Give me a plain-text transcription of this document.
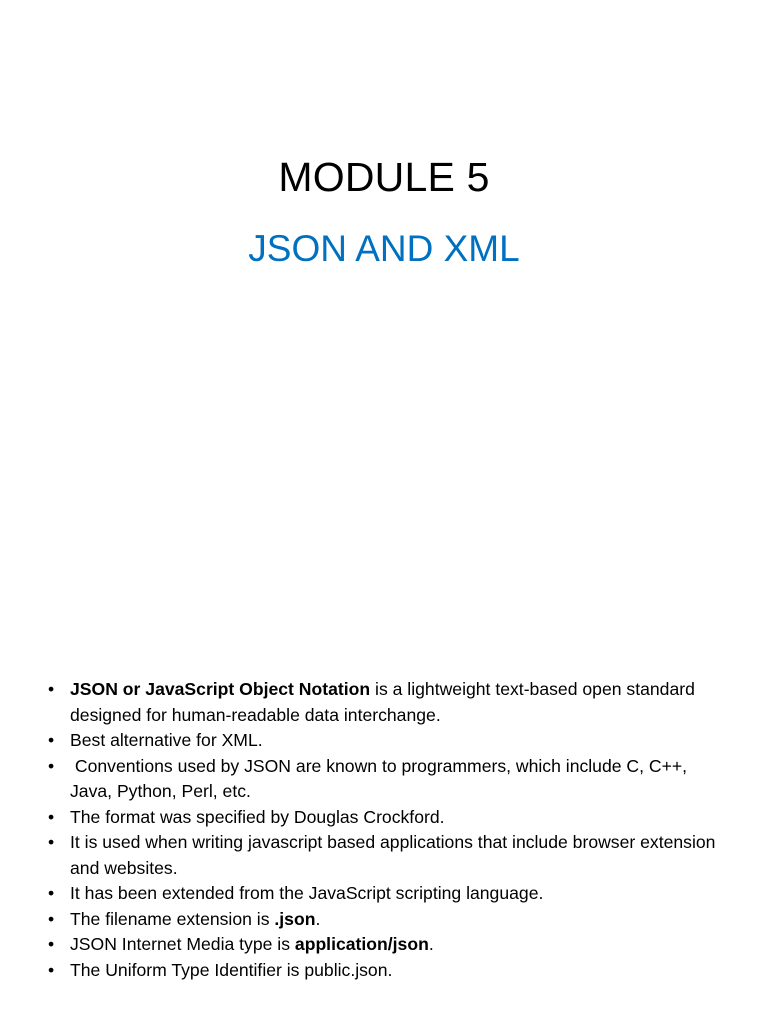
MODULE 5
JSON AND XML
• JSON or JavaScript Object Notation is a lightweight text-based open standard designed for human-readable data interchange.
• Best alternative for XML.
• Conventions used by JSON are known to programmers, which include C, C++, Java, Python, Perl, etc.
• The format was specified by Douglas Crockford.
• It is used when writing javascript based applications that include browser extension and websites.
• It has been extended from the JavaScript scripting language.
• The filename extension is .json.
• JSON Internet Media type is application/json.
• The Uniform Type Identifier is public.json.
